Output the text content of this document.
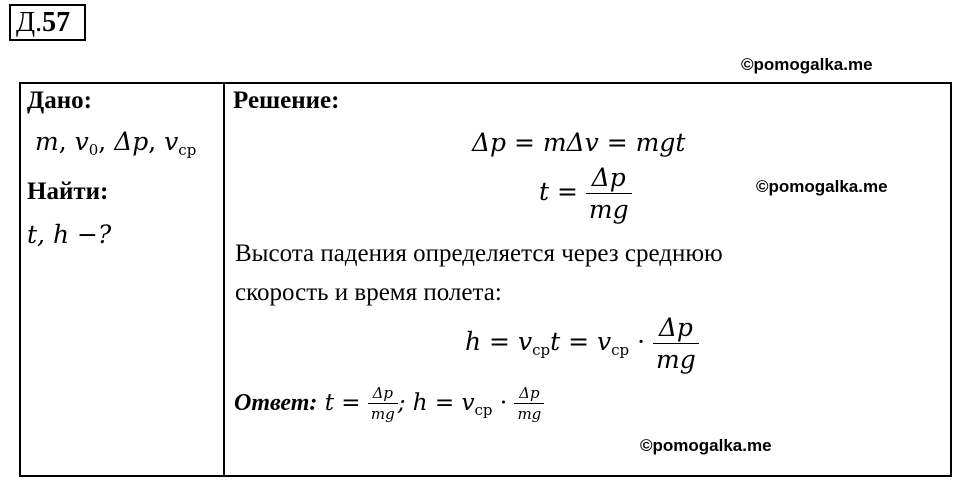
Д.57
©pomogalka.me
Дано:
m, $v_0$, Δp, $v_{ср}$
Найти:
t, h −?
Решение:
Δp = mΔv = mgt
$t = \frac{\Delta p}{mg}$	©pomogalka.me
Высота падения определяется через среднюю
скорость и время полета:
$h = v_{ср}t = v_{ср} \cdot \frac{\Delta p}{mg}$
Ответ: $t = \frac{\Delta p}{mg}$ ; $h = v_{ср} \cdot \frac{\Delta p}{mg}$
©pomogalka.me
